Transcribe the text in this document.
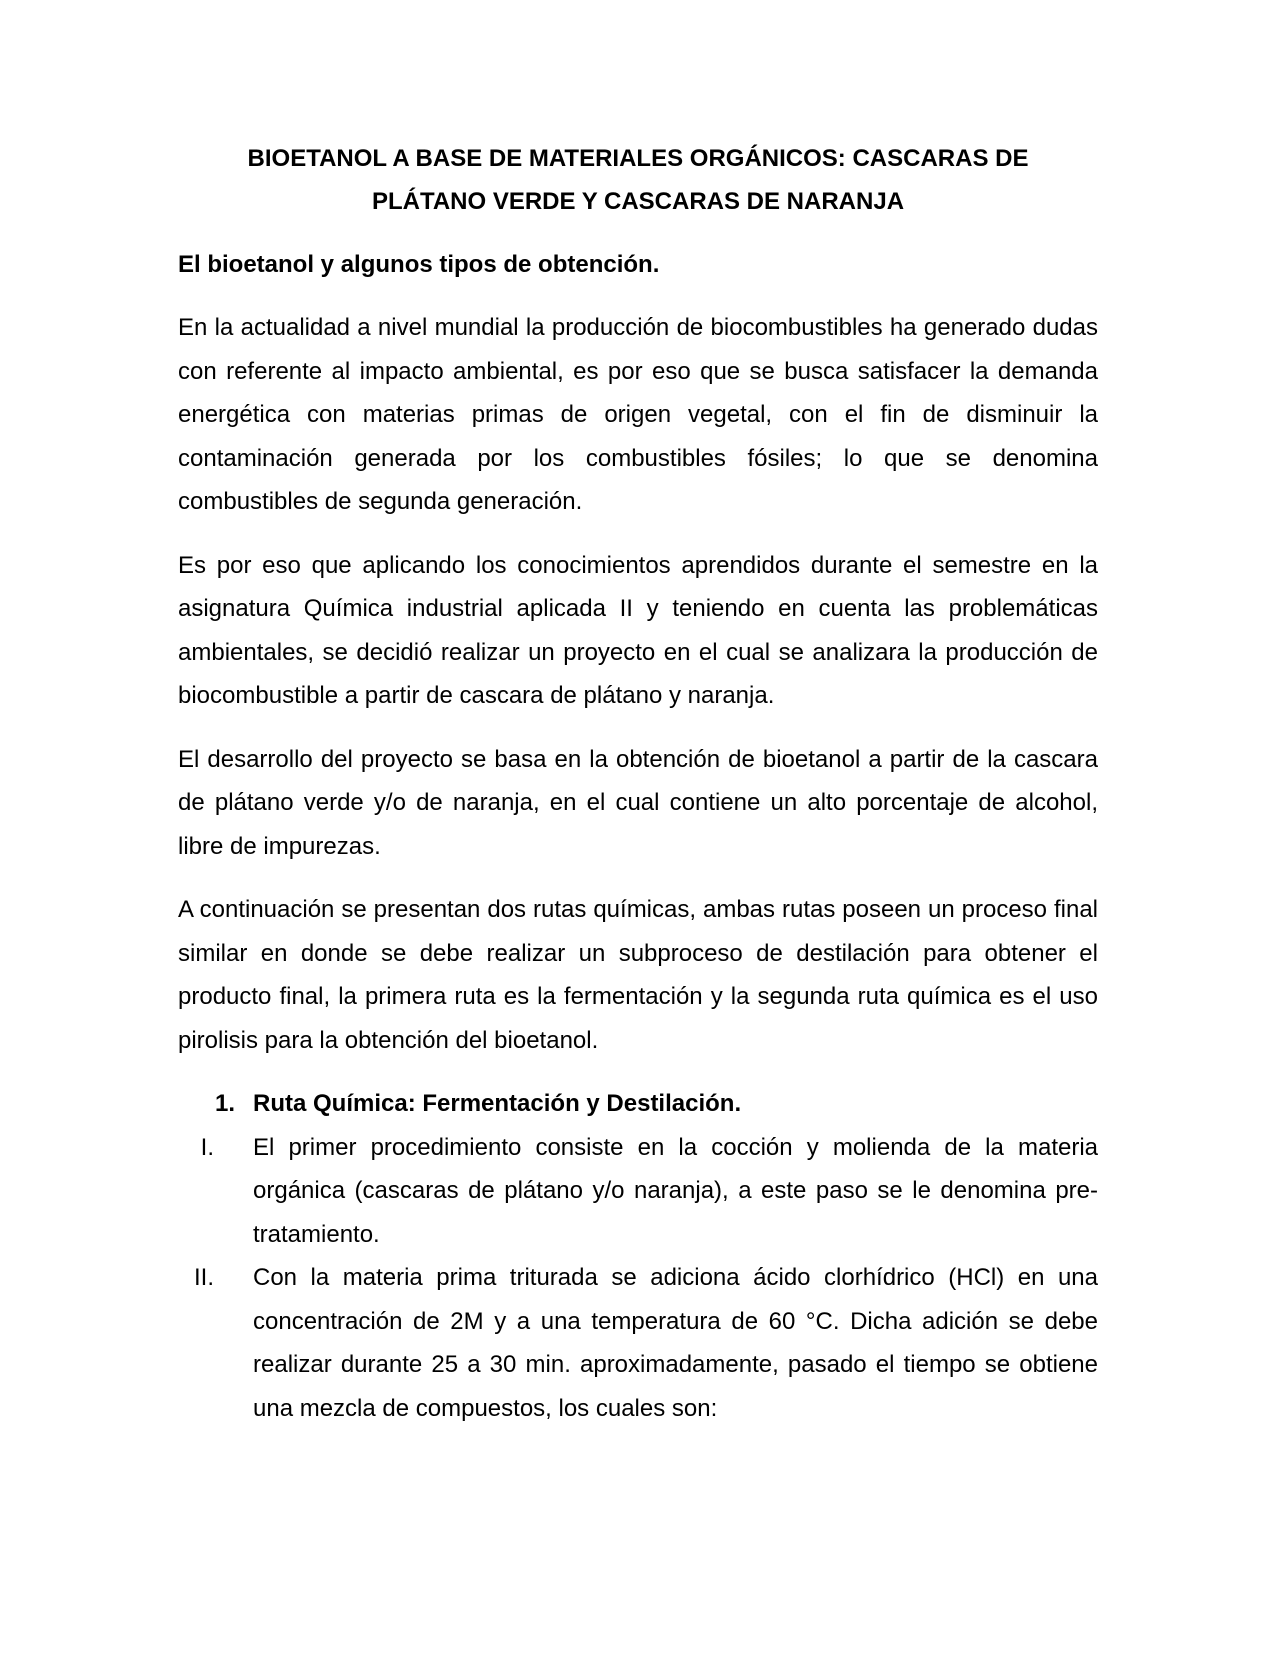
BIOETANOL A BASE DE MATERIALES ORGÁNICOS: CASCARAS DE
PLÁTANO VERDE Y CASCARAS DE NARANJA
El bioetanol y algunos tipos de obtención.

En la actualidad a nivel mundial la producción de biocombustibles ha generado dudas con referente al impacto ambiental, es por eso que se busca satisfacer la demanda energética con materias primas de origen vegetal, con el fin de disminuir la contaminación generada por los combustibles fósiles; lo que se denomina combustibles de segunda generación.

Es por eso que aplicando los conocimientos aprendidos durante el semestre en la asignatura Química industrial aplicada II y teniendo en cuenta las problemáticas ambientales, se decidió realizar un proyecto en el cual se analizara la producción de biocombustible a partir de cascara de plátano y naranja.

El desarrollo del proyecto se basa en la obtención de bioetanol a partir de la cascara de plátano verde y/o de naranja, en el cual contiene un alto porcentaje de alcohol, libre de impurezas.

A continuación se presentan dos rutas químicas, ambas rutas poseen un proceso final similar en donde se debe realizar un subproceso de destilación para obtener el producto final, la primera ruta es la fermentación y la segunda ruta química es el uso pirolisis para la obtención del bioetanol.

1. Ruta Química: Fermentación y Destilación.
I. El primer procedimiento consiste en la cocción y molienda de la materia orgánica (cascaras de plátano y/o naranja), a este paso se le denomina pre-tratamiento.
II. Con la materia prima triturada se adiciona ácido clorhídrico (HCl) en una concentración de 2M y a una temperatura de 60 °C. Dicha adición se debe realizar durante 25 a 30 min. aproximadamente, pasado el tiempo se obtiene una mezcla de compuestos, los cuales son:
